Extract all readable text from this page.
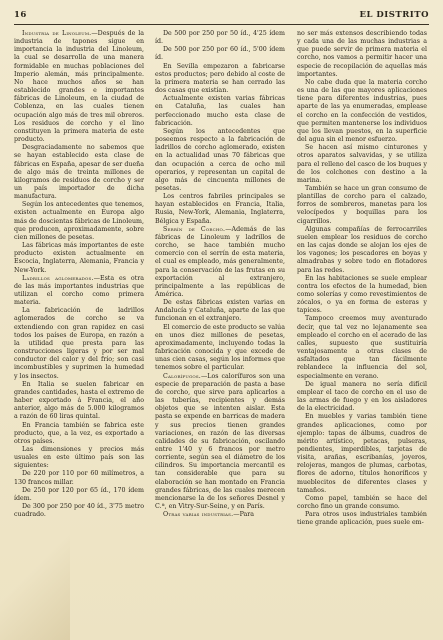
16	EL DISTRITO

Industria de Linoleum.—Después de la industria de tapones sigue en importancia la industria del Linoleum, la cual se desarrolla de una manera formidable en muchas poblaciones del Imperio alemán, más principalmente. No hace muchos años se han establecido grandes e importantes fábricas de Linoleum, en la ciudad de Coblenza, en las cuales tienen ocupación algo más de tres mil obreros. Los residuos de corcho y el lino constituyen la primera materia de este producto.

Desgraciadamente no sabemos que se hayan establecido esta clase de fábricas en España, apesar de ser dueña de algo más de treinta millones de kilogramos de residuos de corcho y ser un país importador de dicha manufactura.

Según los antecedentes que tenemos, existen actualmente en Europa algo más de doscientas fábricas de Linoleum, que producen, aproximadamente, sobre cien millones de pesetas.

Las fábricas más importantes de este producto existen actualmente en Escocia, Inglaterra, Alemania, Francia y New-York.

Ladrillos aglomerados.—Esta es otra de las más importantes industrias que utilizan el corcho como primera materia.

La fabricación de ladrillos aglomerados de corcho se va extendiendo con gran rapidez en casi todos los países de Europa, en razón a la utilidad que presta para las construcciones ligeras y por ser mal conductor del calor y del frío; son casi incombustibles y suprimen la humedad y los insectos.

En Italia se suelen fabricar en grandes cantidades, hasta el extremo de haber exportado á Francia, el año anterior, algo más de 5.000 kilogramos a razón de 60 liras quintal.

En Francia también se fabrica este producto, que, a la vez, es exportado a otros países.

Las dimensiones y precios más usuales en este último país son las siguientes:

De 220 por 110 por 60 milímetros, a 130 francos millar.

De 250 por 120 por 65 íd., 170 ídem ídem.

De 300 por 250 por 40 íd., 3'75 metro cuadrado.

De 500 por 250 por 50 íd., 4'25 ídem íd.

De 500 por 250 por 60 íd., 5'00 ídem íd.

En Sevilla empezaron a fabricarse estos productos; pero debido al coste de la primera materia se han cerrado las dos casas que existían.

Actualmente existen varias fábricas en Cataluña, las cuales han perfeccionado mucho esta clase de fabricación.

Según los antecedentes que poseemos respecto a la fabricación de ladrillos de corcho aglomerado, existen en la actualidad unas 70 fábricas que dan ocupación a cerca de ocho mil operarios, y representan un capital de algo más de cincuenta millones de pesetas.

Los centros fabriles principales se hayan establecidos en Francia, Italia, Rusia, New-York, Alemania, Inglaterra, Bélgica y España.

Serrín de Corcho.—Además de las fábricas de Linoleum y ladrillos de corcho, se hace también mucho comercio con el serrín de esta materia, el cual es empleado, más generalmente, para la conservación de las frutas en su exportación al extranjero, principalmente a las repúblicas de América.

De estas fábricas existen varias en Andalucía y Cataluña, aparte de las que funcionan en el extranjero.

El comercio de este producto se valúa en unos diez millones de pesetas, aproximadamente, incluyendo todas la fabricación conocida y que excede de unas cien casas, según los informes que tenemos sobre el particular.

Calorífugos.—Los calorífuros son una especie de preparación de pasta a base de corcho, que sirve para aplicarlos a las tuberías, recipientes y demás objetos que se intenten aislar. Esta pasta se expende en barricas de madera y sus precios tienen grandes variaciones, en razón de las diversas calidades de su fabricación, oscilando entre 1'40 y 6 francos por metro corriente, según sea el diámetro de los cilindros. Su importancia mercantil es tan considerable que para su elaboración se han montado en Francia grandes fábricas, de las cuales merecen mencionarse la de los señores Desnel y C.ª, en Vitry-Sur-Seine, y en París.

Otras varias industrias.—Para

no ser más extensos describiendo todas y cada una de las muchas industrias a que puede servir de primera materia el corcho, nos vamos a permitir hacer una especie de recopilación de aquellas más importantes.

No cabe duda que la materia corcho es una de las que mayores aplicaciones tiene para diferentes industrias, pues aparte de las ya enumeradas, emplease el corcho en la confección de vestidos, que permiten mantenerse los individuos que los llevan puestos, en la superficie del agua sin el menor esfuerzo.

Se hacen así mismo cinturones y otros aparatos salvavidas, y se utiliza para el relleno del casco de los buques y de los colchones con destino a la marina.

También se hace un gran consumo de plantillas de corcho para el calzado, forros de sombreros, manetas para los velocípedos y boquillas para los cigarrillos.

Algunas compañías de ferrocarriles suelen emplear los residuos de corcho en las cajas donde se alojan los ejes de los vagones; los pescadores en boyas y almadrabas y sobre todo en flotadores para las redes.

En las habitaciones se suele emplear contra los efectos de la humedad, bien como solerías y como revestimientos de zócalos, o ya en forma de esteras y tapices.

Tampoco creemos muy aventurado decir, que tal vez no lejanamente sea empleado el corcho en el acerado de las calles, supuesto que sustituiría ventajosamente a otras clases de asfaltados que tan fácilmente reblandece la influencia del sol, especialmente en verano.

De igual manera no sería difícil emplear el taco de corcho en el uso de las armas de fuego y en los aisladores de la electricidad.

En muebles y varias también tiene grandes aplicaciones, como por ejemplo: tapas de álbums, cuadros de mérito artístico, petacas, pulseras, pendientes, imperdibles, tarjetas de visita, arañas, escribanías, joyeros, relojeras, mangos de plumas, carbotas, flores de adorno, títulos honoríficos y mueblecitos de diferentes clases y tamaños.

Como papel, también se hace del corcho fino un grande consumo.

Para otros usos industriales también tiene grande aplicación, pues suele em-
